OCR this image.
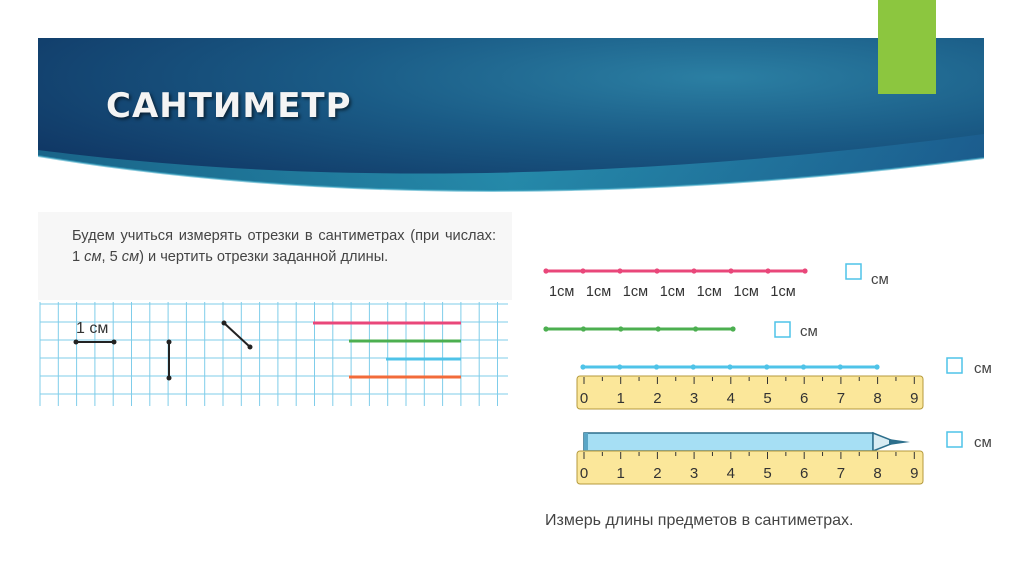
САНТИМЕТР
Будем учиться измерять отрезки в сантиметрах (при числах: 1 см, 5 см) и чертить отрезки заданной длины.
1 см
1см 1см 1см 1см 1см 1см 1см
см
см
см
0 1 2 3 4 5 6 7 8 9
см
0 1 2 3 4 5 6 7 8 9
Измерь длины предметов в сантиметрах.
